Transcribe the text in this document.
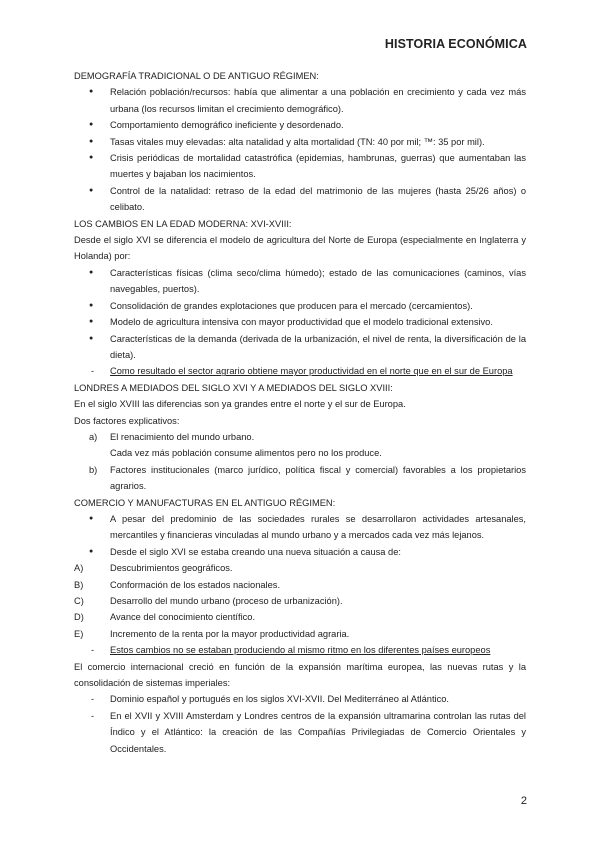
HISTORIA ECONÓMICA
DEMOGRAFÍA TRADICIONAL O DE ANTIGUO RÉGIMEN:
● Relación población/recursos: había que alimentar a una población en crecimiento y cada vez más urbana (los recursos limitan el crecimiento demográfico).
● Comportamiento demográfico ineficiente y desordenado.
● Tasas vitales muy elevadas: alta natalidad y alta mortalidad (TN: 40 por mil; ™: 35 por mil).
● Crisis periódicas de mortalidad catastrófica (epidemias, hambrunas, guerras) que aumentaban las muertes y bajaban los nacimientos.
● Control de la natalidad: retraso de la edad del matrimonio de las mujeres (hasta 25/26 años) o celibato.
LOS CAMBIOS EN LA EDAD MODERNA: XVI-XVIII:
Desde el siglo XVI se diferencia el modelo de agricultura del Norte de Europa (especialmente en Inglaterra y Holanda) por:
● Características físicas (clima seco/clima húmedo); estado de las comunicaciones (caminos, vías navegables, puertos).
● Consolidación de grandes explotaciones que producen para el mercado (cercamientos).
● Modelo de agricultura intensiva con mayor productividad que el modelo tradicional extensivo.
● Características de la demanda (derivada de la urbanización, el nivel de renta, la diversificación de la dieta).
- Como resultado el sector agrario obtiene mayor productividad en el norte que en el sur de Europa
LONDRES A MEDIADOS DEL SIGLO XVI Y A MEDIADOS DEL SIGLO XVIII:
En el siglo XVIII las diferencias son ya grandes entre el norte y el sur de Europa.
Dos factores explicativos:
a) El renacimiento del mundo urbano.
Cada vez más población consume alimentos pero no los produce.
b) Factores institucionales (marco jurídico, política fiscal y comercial) favorables a los propietarios agrarios.
COMERCIO Y MANUFACTURAS EN EL ANTIGUO RÉGIMEN:
● A pesar del predominio de las sociedades rurales se desarrollaron actividades artesanales, mercantiles y financieras vinculadas al mundo urbano y a mercados cada vez más lejanos.
● Desde el siglo XVI se estaba creando una nueva situación a causa de:
A)	Descubrimientos geográficos.
B)	Conformación de los estados nacionales.
C)	Desarrollo del mundo urbano (proceso de urbanización).
D)	Avance del conocimiento científico.
E)	Incremento de la renta por la mayor productividad agraria.
- Estos cambios no se estaban produciendo al mismo ritmo en los diferentes países europeos
El comercio internacional creció en función de la expansión marítima europea, las nuevas rutas y la consolidación de sistemas imperiales:
- Dominio español y portugués en los siglos XVI-XVII. Del Mediterráneo al Atlántico.
- En el XVII y XVIII Amsterdam y Londres centros de la expansión ultramarina controlan las rutas del Índico y el Atlántico: la creación de las Compañías Privilegiadas de Comercio Orientales y Occidentales.
2
